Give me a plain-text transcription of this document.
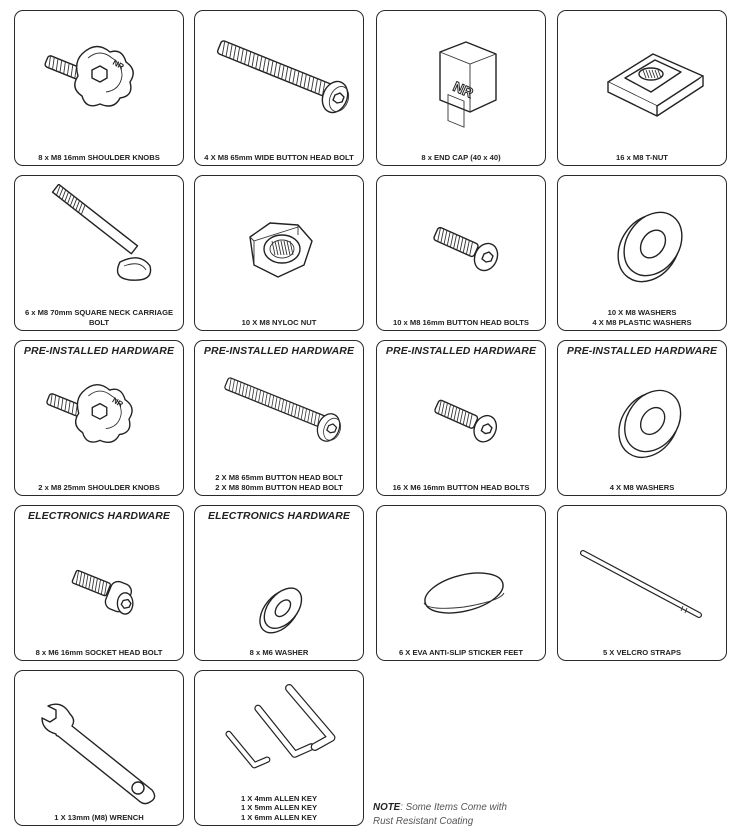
NR
8 x M8 16mm SHOULDER KNOBS	4 X M8 65mm WIDE BUTTON HEAD BOLT
NR
8 x END CAP (40 x 40)	16 x M8 T-NUT
6 x M8 70mm SQUARE NECK CARRIAGE
BOLT	10 X M8 NYLOC NUT	10 x M8 16mm BUTTON HEAD BOLTS
10 X M8 WASHERS
4 X M8 PLASTIC WASHERS
PRE-INSTALLED HARDWARE
NR
2 x M8 25mm SHOULDER KNOBS
PRE-INSTALLED HARDWARE
2 X M8 65mm BUTTON HEAD BOLT
2 X M8 80mm BUTTON HEAD BOLT
PRE-INSTALLED HARDWARE
16 X M6 16mm BUTTON HEAD BOLTS
PRE-INSTALLED HARDWARE
4 X M8 WASHERS
ELECTRONICS HARDWARE
8 x M6 16mm SOCKET HEAD BOLT
ELECTRONICS HARDWARE
8 x M6 WASHER	6 X EVA ANTI-SLIP STICKER FEET	5 X VELCRO STRAPS
1 X 13mm (M8) WRENCH
1 X 4mm ALLEN KEY
1 X 5mm ALLEN KEY
1 X 6mm ALLEN KEY
NOTE: Some Items Come with
Rust Resistant Coating
